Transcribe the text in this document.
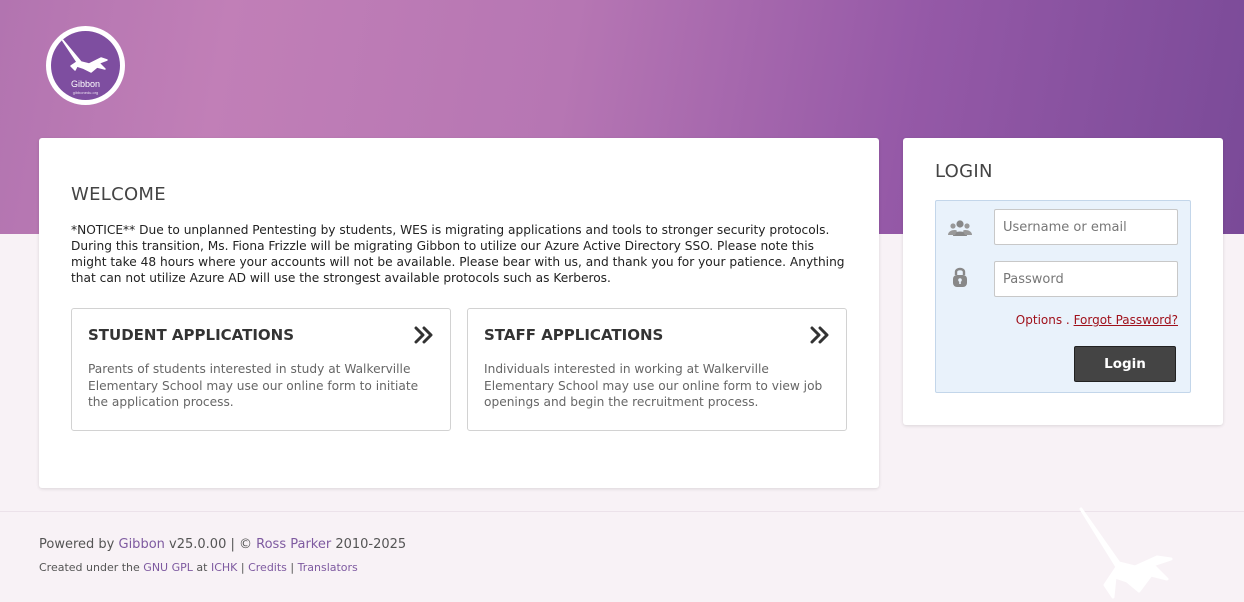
Gibbon
gibbonedu.org
WELCOME
*NOTICE** Due to unplanned Pentesting by students, WES is migrating applications and tools to stronger security protocols. During this transition, Ms. Fiona Frizzle will be migrating Gibbon to utilize our Azure Active Directory SSO. Please note this might take 48 hours where your accounts will not be available. Please bear with us, and thank you for your patience. Anything that can not utilize Azure AD will use the strongest available protocols such as Kerberos.
STUDENT APPLICATIONS
Parents of students interested in study at Walkerville Elementary School may use our online form to initiate the application process.
STAFF APPLICATIONS
Individuals interested in working at Walkerville Elementary School may use our online form to view job openings and begin the recruitment process.
LOGIN
Username or email
Options . Forgot Password?
Login
Powered by Gibbon v25.0.00 | © Ross Parker 2010-2025
Created under the GNU GPL at ICHK | Credits | Translators
